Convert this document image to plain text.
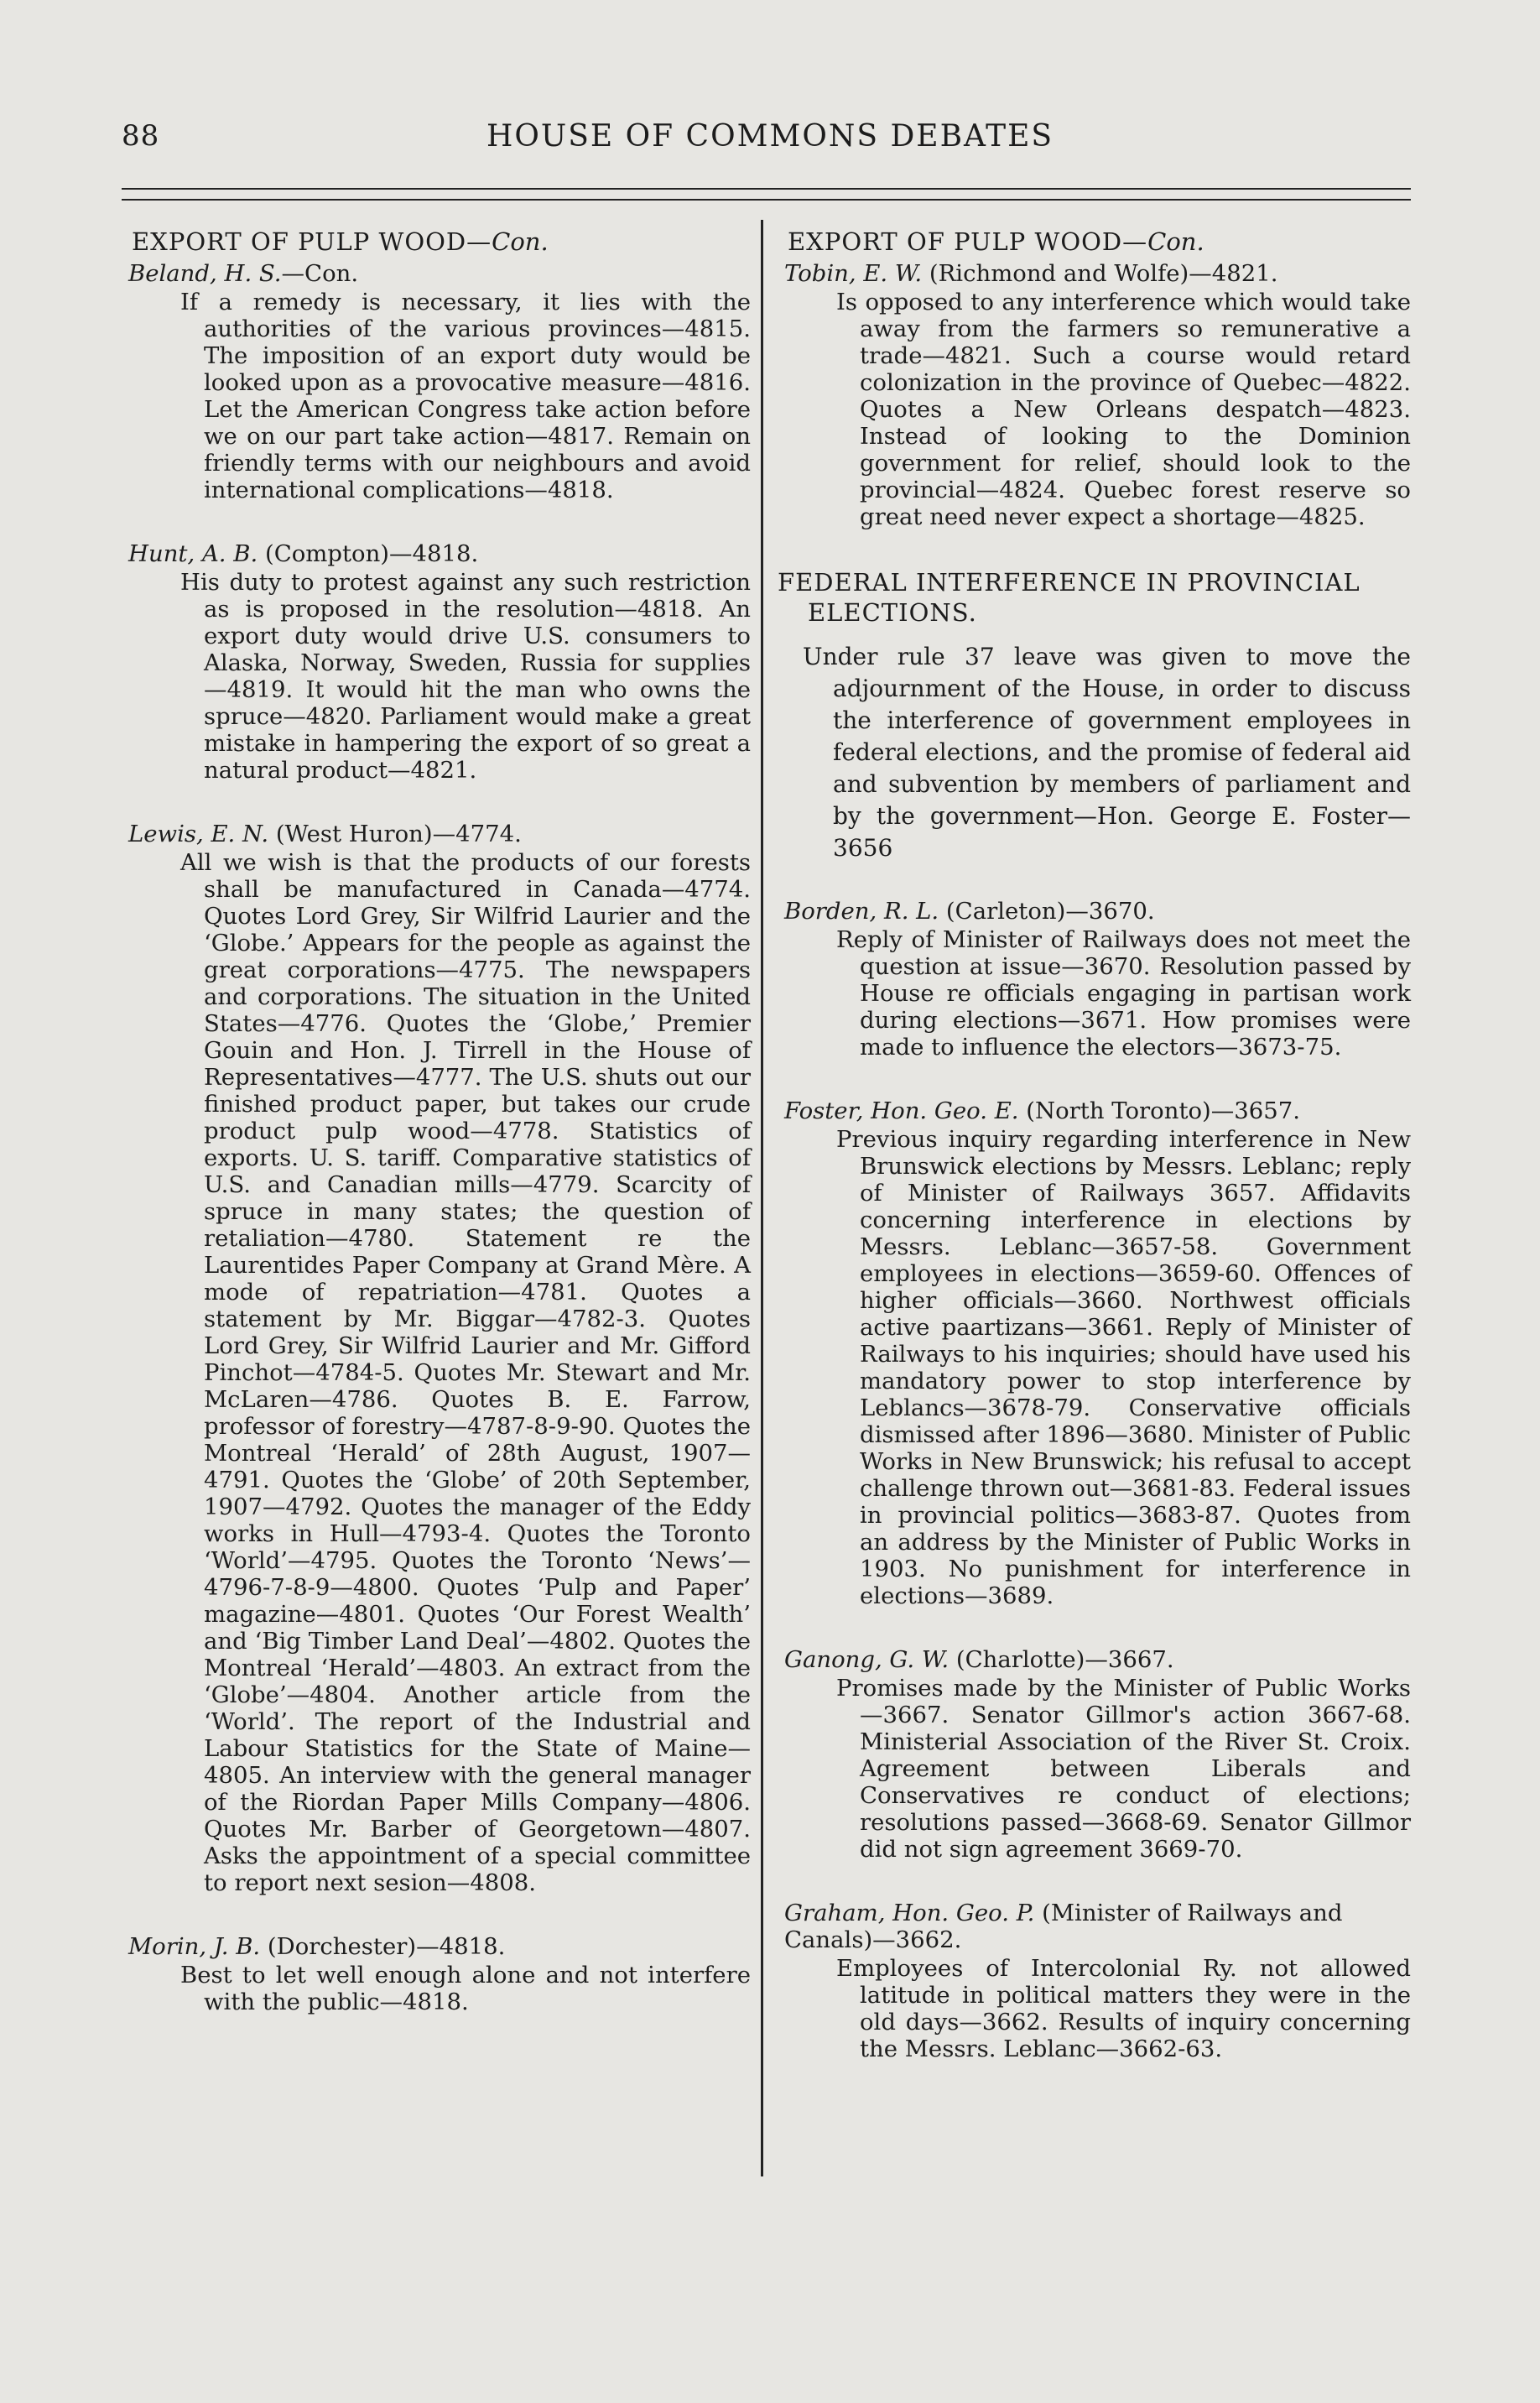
88	HOUSE OF COMMONS DEBATES
EXPORT OF PULP WOOD—Con.
Beland, H. S.—Con.
If a remedy is necessary, it lies with the authorities of the various provinces—4815. The imposition of an export duty would be looked upon as a provocative measure—4816. Let the American Congress take action before we on our part take action—4817. Remain on friendly terms with our neighbours and avoid international complications—4818.
Hunt, A. B. (Compton)—4818.
His duty to protest against any such restriction as is proposed in the resolution—4818. An export duty would drive U.S. consumers to Alaska, Norway, Sweden, Russia for supplies—4819. It would hit the man who owns the spruce—4820. Parliament would make a great mistake in hampering the export of so great a natural product—4821.
Lewis, E. N. (West Huron)—4774.
All we wish is that the products of our forests shall be manufactured in Canada—4774. Quotes Lord Grey, Sir Wilfrid Laurier and the ‘Globe.’ Appears for the people as against the great corporations—4775. The newspapers and corporations. The situation in the United States—4776. Quotes the ‘Globe,’ Premier Gouin and Hon. J. Tirrell in the House of Representatives—4777. The U.S. shuts out our finished product paper, but takes our crude product pulp wood—4778. Statistics of exports. U. S. tariff. Comparative statistics of U.S. and Canadian mills—4779. Scarcity of spruce in many states; the question of retaliation—4780. Statement re the Laurentides Paper Company at Grand Mère. A mode of repatriation—4781. Quotes a statement by Mr. Biggar—4782-3. Quotes Lord Grey, Sir Wilfrid Laurier and Mr. Gifford Pinchot—4784-5. Quotes Mr. Stewart and Mr. McLaren—4786. Quotes B. E. Farrow, professor of forestry—4787-8-9-90. Quotes the Montreal ‘Herald’ of 28th August, 1907—4791. Quotes the ‘Globe’ of 20th September, 1907—4792. Quotes the manager of the Eddy works in Hull—4793-4. Quotes the Toronto ‘World’—4795. Quotes the Toronto ‘News’—4796-7-8-9—4800. Quotes ‘Pulp and Paper’ magazine—4801. Quotes ‘Our Forest Wealth’ and ‘Big Timber Land Deal’—4802. Quotes the Montreal ‘Herald’—4803. An extract from the ‘Globe’—4804. Another article from the ‘World’. The report of the Industrial and Labour Statistics for the State of Maine—4805. An interview with the general manager of the Riordan Paper Mills Company—4806. Quotes Mr. Barber of Georgetown—4807. Asks the appointment of a special committee to report next sesion—4808.
Morin, J. B. (Dorchester)—4818.
Best to let well enough alone and not interfere with the public—4818.
EXPORT OF PULP WOOD—Con.
Tobin, E. W. (Richmond and Wolfe)—4821.
Is opposed to any interference which would take away from the farmers so remunerative a trade—4821. Such a course would retard colonization in the province of Quebec—4822. Quotes a New Orleans despatch—4823. Instead of looking to the Dominion government for relief, should look to the provincial—4824. Quebec forest reserve so great need never expect a shortage—4825.
FEDERAL INTERFERENCE IN PROVINCIAL ELECTIONS.
Under rule 37 leave was given to move the adjournment of the House, in order to discuss the interference of government employees in federal elections, and the promise of federal aid and subvention by members of parliament and by the government—Hon. George E. Foster—3656
Borden, R. L. (Carleton)—3670.
Reply of Minister of Railways does not meet the question at issue—3670. Resolution passed by House re officials engaging in partisan work during elections—3671. How promises were made to influence the electors—3673-75.
Foster, Hon. Geo. E. (North Toronto)—3657.
Previous inquiry regarding interference in New Brunswick elections by Messrs. Leblanc; reply of Minister of Railways 3657. Affidavits concerning interference in elections by Messrs. Leblanc—3657-58. Government employees in elections—3659-60. Offences of higher officials—3660. Northwest officials active paartizans—3661. Reply of Minister of Railways to his inquiries; should have used his mandatory power to stop interference by Leblancs—3678-79. Conservative officials dismissed after 1896—3680. Minister of Public Works in New Brunswick; his refusal to accept challenge thrown out—3681-83. Federal issues in provincial politics—3683-87. Quotes from an address by the Minister of Public Works in 1903. No punishment for interference in elections—3689.
Ganong, G. W. (Charlotte)—3667.
Promises made by the Minister of Public Works—3667. Senator Gillmor's action 3667-68. Ministerial Association of the River St. Croix. Agreement between Liberals and Conservatives re conduct of elections; resolutions passed—3668-69. Senator Gillmor did not sign agreement 3669-70.
Graham, Hon. Geo. P. (Minister of Railways and Canals)—3662.
Employees of Intercolonial Ry. not allowed latitude in political matters they were in the old days—3662. Results of inquiry concerning the Messrs. Leblanc—3662-63.
